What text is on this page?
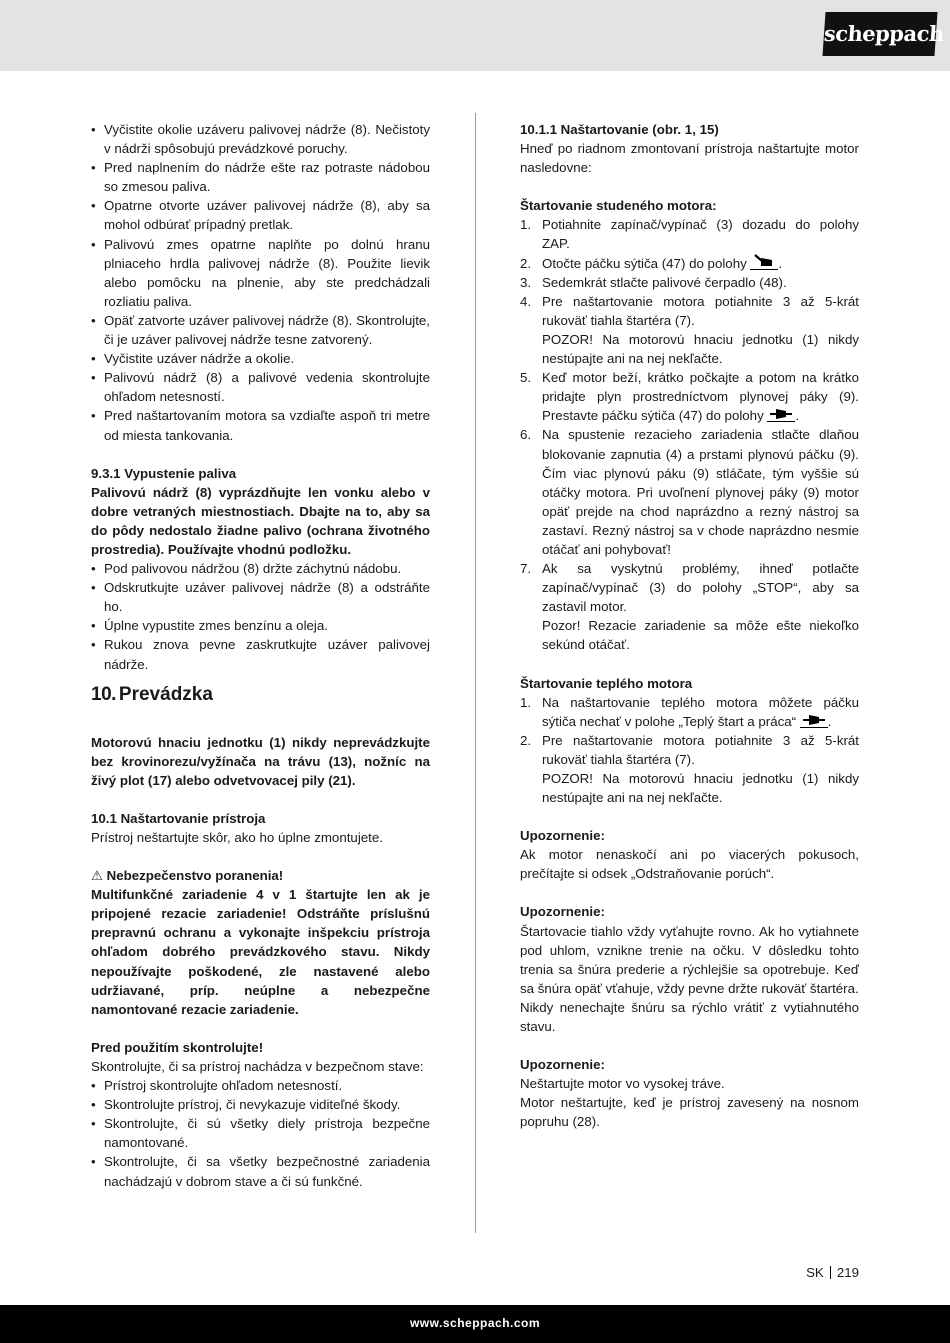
scheppach
• Vyčistite okolie uzáveru palivovej nádrže (8). Nečistoty v nádrži spôsobujú prevádzkové poruchy.
• Pred naplnením do nádrže ešte raz potraste nádobou so zmesou paliva.
• Opatrne otvorte uzáver palivovej nádrže (8), aby sa mohol odbúrať prípadný pretlak.
• Palivovú zmes opatrne naplňte po dolnú hranu plniaceho hrdla palivovej nádrže (8). Použite lievik alebo pomôcku na plnenie, aby ste predchádzali rozliatiu paliva.
• Opäť zatvorte uzáver palivovej nádrže (8). Skontrolujte, či je uzáver palivovej nádrže tesne zatvorený.
• Vyčistite uzáver nádrže a okolie.
• Palivovú nádrž (8) a palivové vedenia skontrolujte ohľadom netesností.
• Pred naštartovaním motora sa vzdiaľte aspoň tri metre od miesta tankovania.

9.3.1 Vypustenie paliva

Palivovú nádrž (8) vyprázdňujte len vonku alebo v dobre vetraných miestnostiach. Dbajte na to, aby sa do pôdy nedostalo žiadne palivo (ochrana životného prostredia). Používajte vhodnú podložku.

• Pod palivovou nádržou (8) držte záchytnú nádobu.
• Odskrutkujte uzáver palivovej nádrže (8) a odstráňte ho.
• Úplne vypustite zmes benzínu a oleja.
• Rukou znova pevne zaskrutkujte uzáver palivovej nádrže.
10. Prevádzka

Motorovú hnaciu jednotku (1) nikdy neprevádzkujte bez krovinorezu/vyžínača na trávu (13), nožníc na živý plot (17) alebo odvetvovacej pily (21).

10.1 Naštartovanie prístroja

Prístroj neštartujte skôr, ako ho úplne zmontujete.

⚠ Nebezpečenstvo poranenia!

Multifunkčné zariadenie 4 v 1 štartujte len ak je pripojené rezacie zariadenie! Odstráňte príslušnú prepravnú ochranu a vykonajte inšpekciu prístroja ohľadom dobrého prevádzkového stavu. Nikdy nepoužívajte poškodené, zle nastavené alebo udržiavané, príp. neúplne a nebezpečne namontované rezacie zariadenie.

Pred použitím skontrolujte!

Skontrolujte, či sa prístroj nachádza v bezpečnom stave:

• Prístroj skontrolujte ohľadom netesností.
• Skontrolujte prístroj, či nevykazuje viditeľné škody.
• Skontrolujte, či sú všetky diely prístroja bezpečne namontované.
• Skontrolujte, či sa všetky bezpečnostné zariadenia nachádzajú v dobrom stave a či sú funkčné.

10.1.1 Naštartovanie (obr. 1, 15)

Hneď po riadnom zmontovaní prístroja naštartujte motor nasledovne:

Štartovanie studeného motora:

1. Potiahnite zapínač/vypínač (3) dozadu do polohy ZAP.
2. Otočte páčku sýtiča (47) do polohy
.
3. Sedemkrát stlačte palivové čerpadlo (48).
4. Pre naštartovanie motora potiahnite 3 až 5-krát rukoväť tiahla štartéra (7).
POZOR! Na motorovú hnaciu jednotku (1) nikdy nestúpajte ani na nej nekľačte.
5. Keď motor beží, krátko počkajte a potom na krátko pridajte plyn prostredníctvom plynovej páky (9). Prestavte páčku sýtiča (47) do polohy
.
6. Na spustenie rezacieho zariadenia stlačte dlaňou blokovanie zapnutia (4) a prstami plynovú páčku (9). Čím viac plynovú páku (9) stláčate, tým vyššie sú otáčky motora. Pri uvoľnení plynovej páky (9) motor opäť prejde na chod naprázdno a rezný nástroj sa zastaví. Rezný nástroj sa v chode naprázdno nesmie otáčať ani pohybovať!
7. Ak sa vyskytnú problémy, ihneď potlačte zapínač/vypínač (3) do polohy „STOP“, aby sa zastavil motor.
Pozor! Rezacie zariadenie sa môže ešte niekoľko sekúnd otáčať.

Štartovanie teplého motora

1. Na naštartovanie teplého motora môžete páčku sýtiča nechať v polohe „Teplý štart a práca“
.
2. Pre naštartovanie motora potiahnite 3 až 5-krát rukoväť tiahla štartéra (7).
POZOR! Na motorovú hnaciu jednotku (1) nikdy nestúpajte ani na nej nekľačte.

Upozornenie:

Ak motor nenaskočí ani po viacerých pokusoch, prečítajte si odsek „Odstraňovanie porúch“.

Upozornenie:

Štartovacie tiahlo vždy vyťahujte rovno. Ak ho vytiahnete pod uhlom, vznikne trenie na očku. V dôsledku tohto trenia sa šnúra prederie a rýchlejšie sa opotrebuje. Keď sa šnúra opäť vťahuje, vždy pevne držte rukoväť štartéra.

Nikdy nenechajte šnúru sa rýchlo vrátiť z vytiahnutého stavu.

Upozornenie:

Neštartujte motor vo vysokej tráve.

Motor neštartujte, keď je prístroj zavesený na nosnom popruhu (28).

SK 219
www.scheppach.com
